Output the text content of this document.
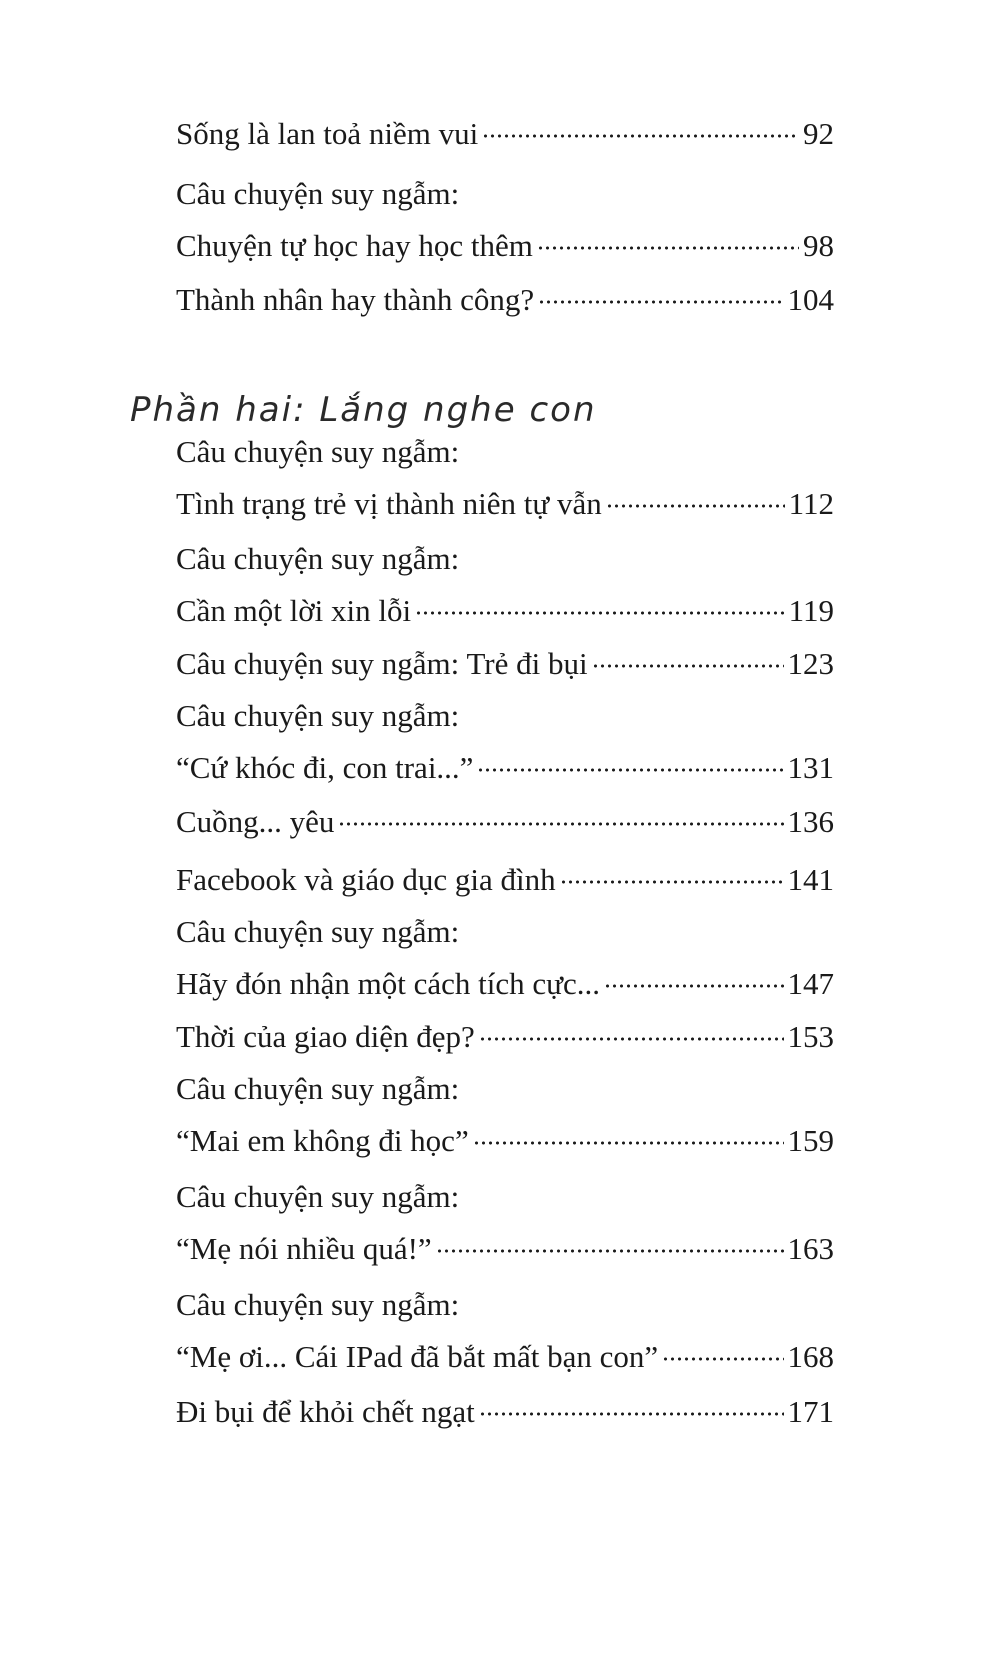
Sống là lan toả niềm vui	92
Câu chuyện suy ngẫm:
Chuyện tự học hay học thêm	98
Thành nhân hay thành công?	104
Phần hai: Lắng nghe con
Câu chuyện suy ngẫm:
Tình trạng trẻ vị thành niên tự vẫn	112
Câu chuyện suy ngẫm:
Cần một lời xin lỗi	119
Câu chuyện suy ngẫm: Trẻ đi bụi	123
Câu chuyện suy ngẫm:
“Cứ khóc đi, con trai...”	131
Cuồng... yêu	136
Facebook và giáo dục gia đình	141
Câu chuyện suy ngẫm:
Hãy đón nhận một cách tích cực...	147
Thời của giao diện đẹp?	153
Câu chuyện suy ngẫm:
“Mai em không đi học”	159
Câu chuyện suy ngẫm:
“Mẹ nói nhiều quá!”	163
Câu chuyện suy ngẫm:
“Mẹ ơi... Cái IPad đã bắt mất bạn con”	168
Đi bụi để khỏi chết ngạt	171
